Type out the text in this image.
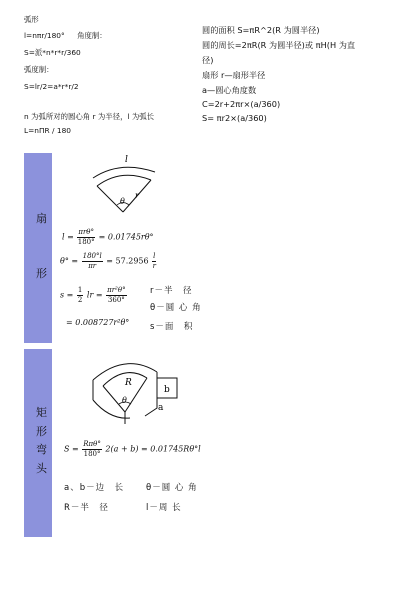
弧形
l=nπr/180° 角度制：
S=派*n*r*r/360
弧度制：
S=lr/2=a*r*r/2
n 为弧所对的圆心角 r 为半径，l 为弧长
L=nΠR / 180
圆的面积 S=πR^2(R 为圆半径)
圆的周长=2πR(R 为圆半径)或 πH(H 为直
径)
扇形 r—扇形半径
a—圆心角度数
C=2r+2πr×(a/360)
S= πr2×(a/360)
扇
形
l
θ
r
$l = \frac{\text{πrθ°}}{180^\circ} = 0.01745r\theta^\circ$
$\theta^\circ = \frac{180^\circ l}{\pi r} = 57.2956 \frac{l}{r}$
$s = \frac{1}{2}$ lr = $\frac{\text{πr²θ°}}{360^\circ}$
= 0.008727r²θ°
r－半　径
θ－圆 心 角
s－面　积
矩
形
弯
头
R
θ
b
a
$S = \frac{\text{Rπθ°}}{180^\circ} 2(a + b) = 0.01745R\theta^\circ l$
a、b－边　长	θ－圆 心 角
R－半　径	l－周 长
